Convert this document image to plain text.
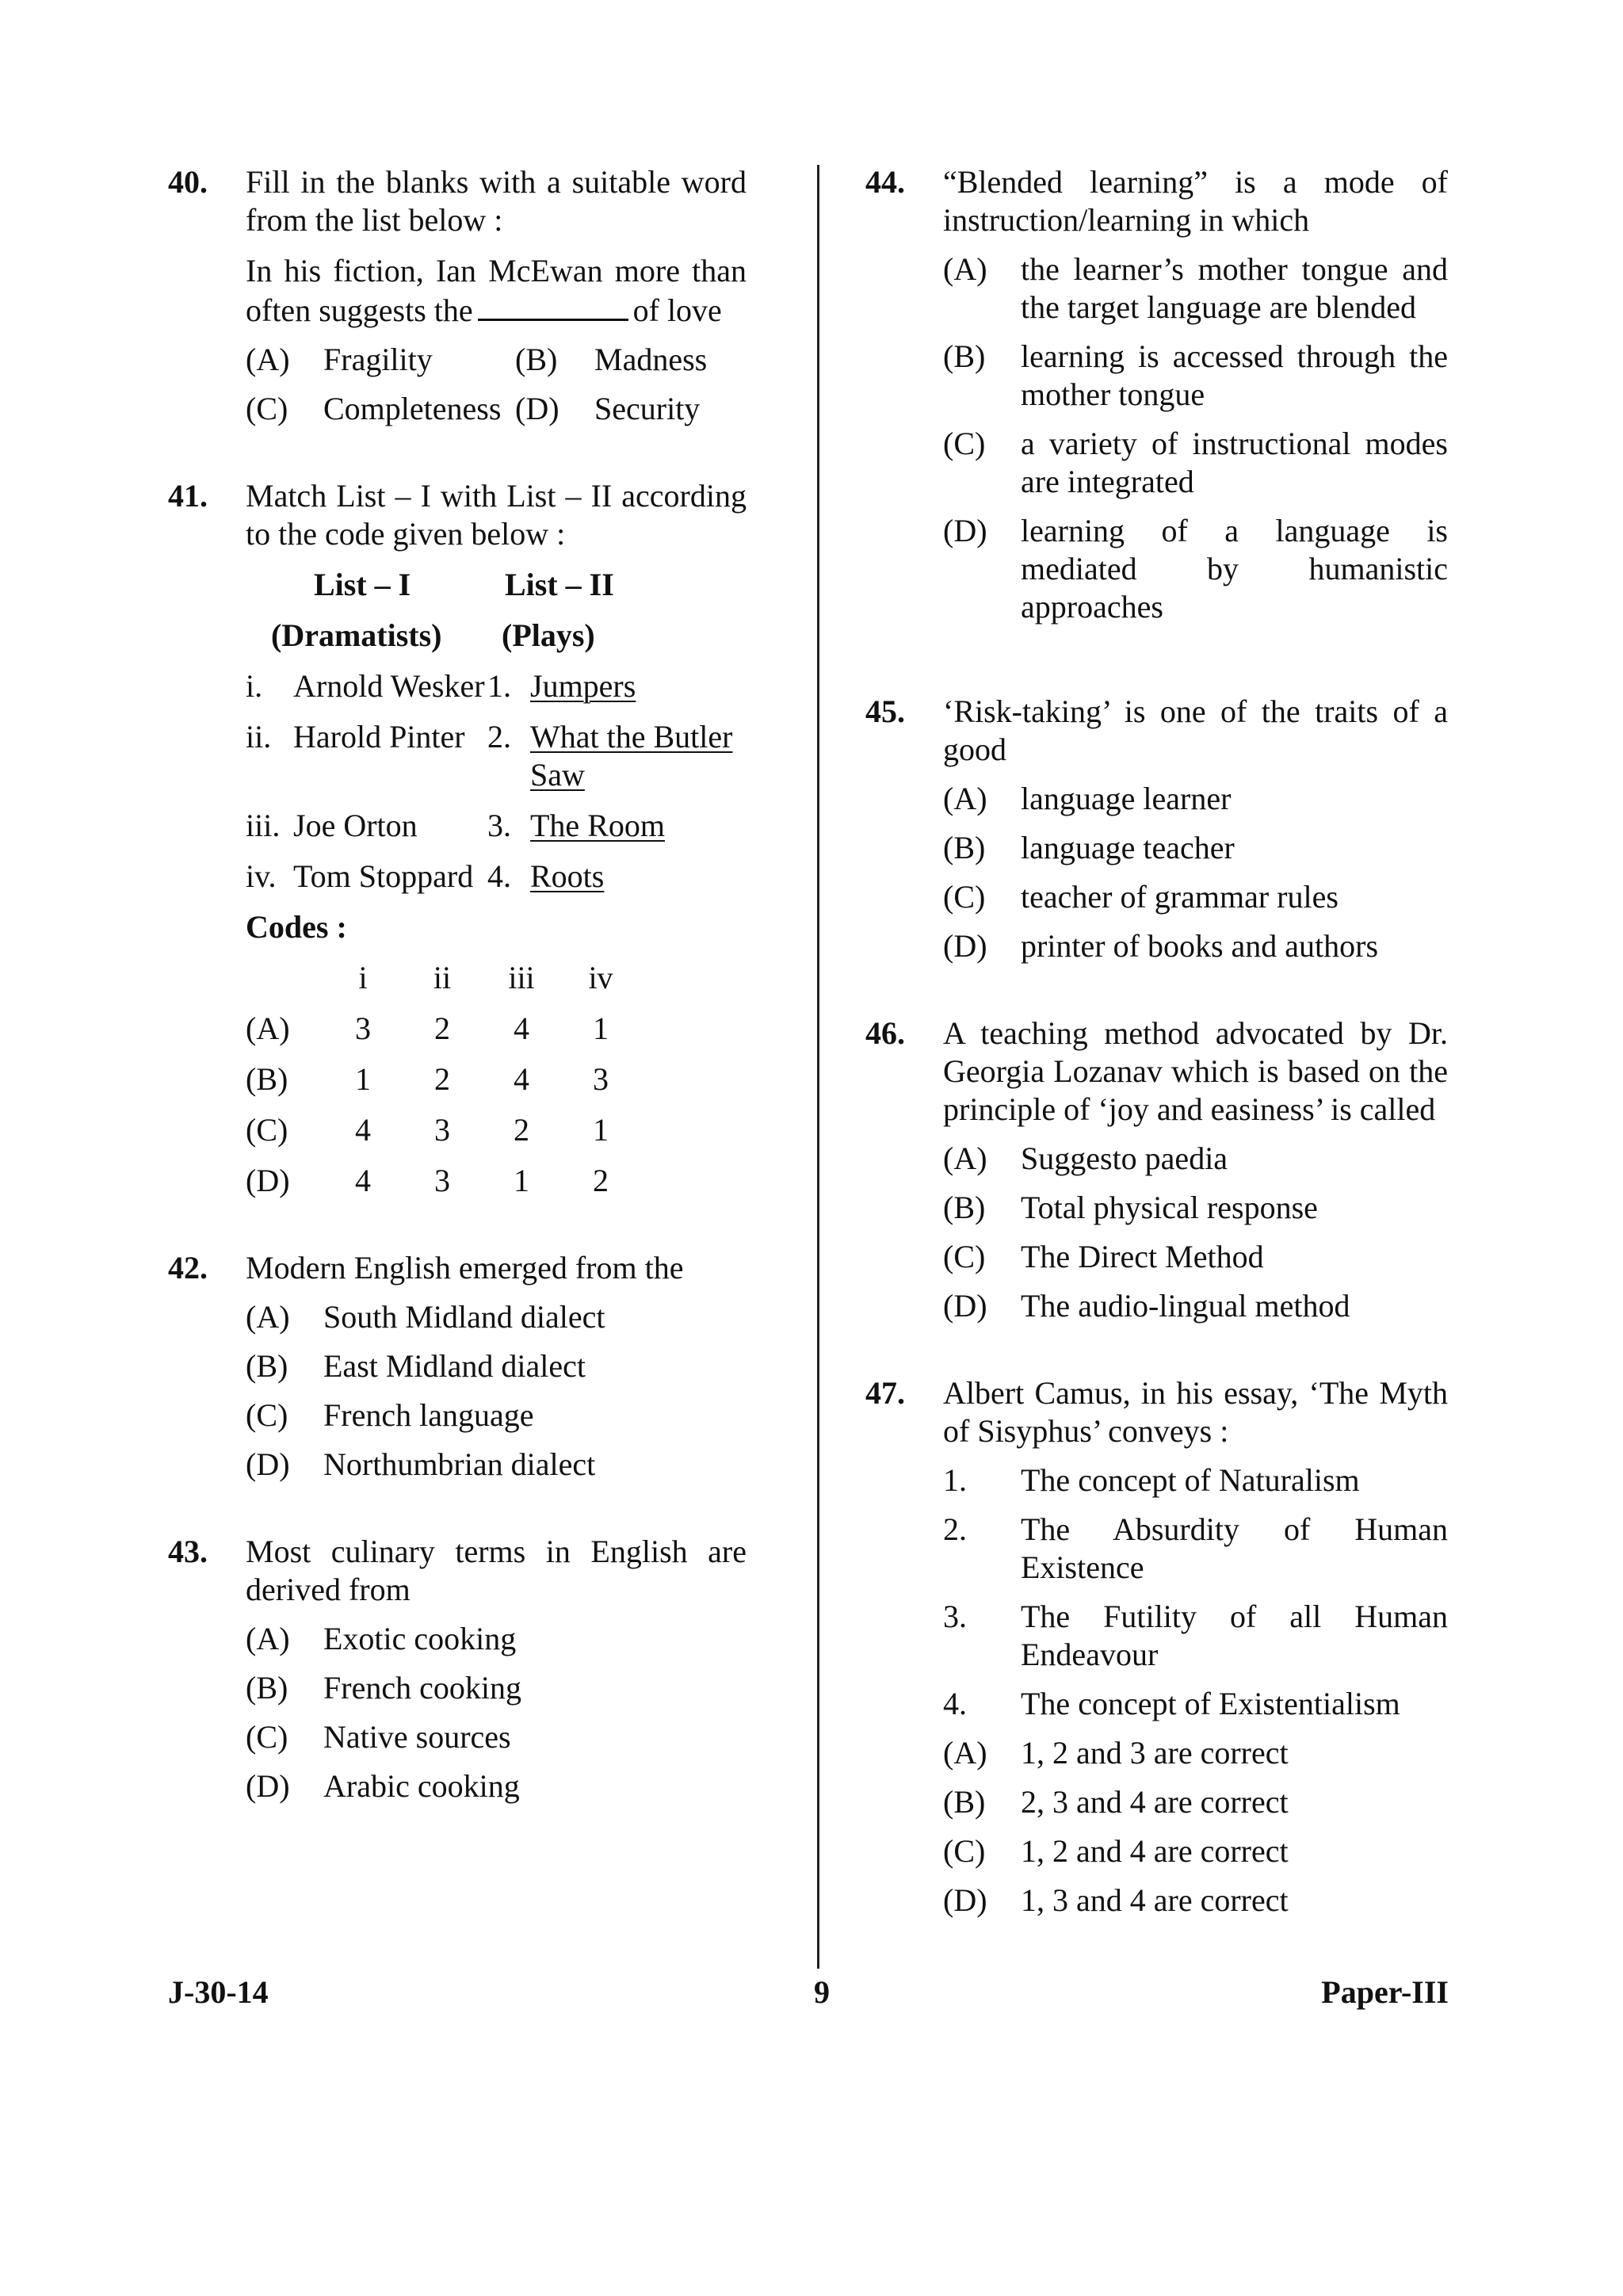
40. Fill in the blanks with a suitable word from the list below :

In his fiction, Ian McEwan more than often suggests the	of love

(A) Fragility	(B) Madness
(C) Completeness (D) Security
41. Match List – I with List – II according to the code given below :

List – I	List – II
(Dramatists)	(Plays)
i. Arnold Wesker 1. Jumpers
ii. Harold Pinter 2. What the Butler Saw
iii. Joe Orton	3. The Room
iv. Tom Stoppard 4. Roots
Codes :
i	ii	iii	iv
(A)	3	2	4	1
(B)	1	2	4	3
(C)	4	3	2	1
(D)	4	3	1	2
42. Modern English emerged from the

(A) South Midland dialect
(B) East Midland dialect
(C) French language
(D) Northumbrian dialect
43. Most culinary terms in English are derived from

(A) Exotic cooking
(B) French cooking
(C) Native sources
(D) Arabic cooking
44. “Blended learning” is a mode of instruction/learning in which

(A) the learner’s mother tongue and the target language are blended
(B) learning is accessed through the mother tongue
(C) a variety of instructional modes are integrated
(D) learning of a language is mediated by humanistic approaches
45. ‘Risk-taking’ is one of the traits of a good

(A) language learner
(B) language teacher
(C) teacher of grammar rules
(D) printer of books and authors
46. A teaching method advocated by Dr. Georgia Lozanav which is based on the principle of ‘joy and easiness’ is called

(A) Suggesto paedia
(B) Total physical response
(C) The Direct Method
(D) The audio-lingual method
47. Albert Camus, in his essay, ‘The Myth of Sisyphus’ conveys :

1. The concept of Naturalism
2. The Absurdity of Human Existence
3. The Futility of all Human Endeavour
4. The concept of Existentialism
(A) 1, 2 and 3 are correct
(B) 2, 3 and 4 are correct
(C) 1, 2 and 4 are correct
(D) 1, 3 and 4 are correct
J-30-14	9	Paper-III
